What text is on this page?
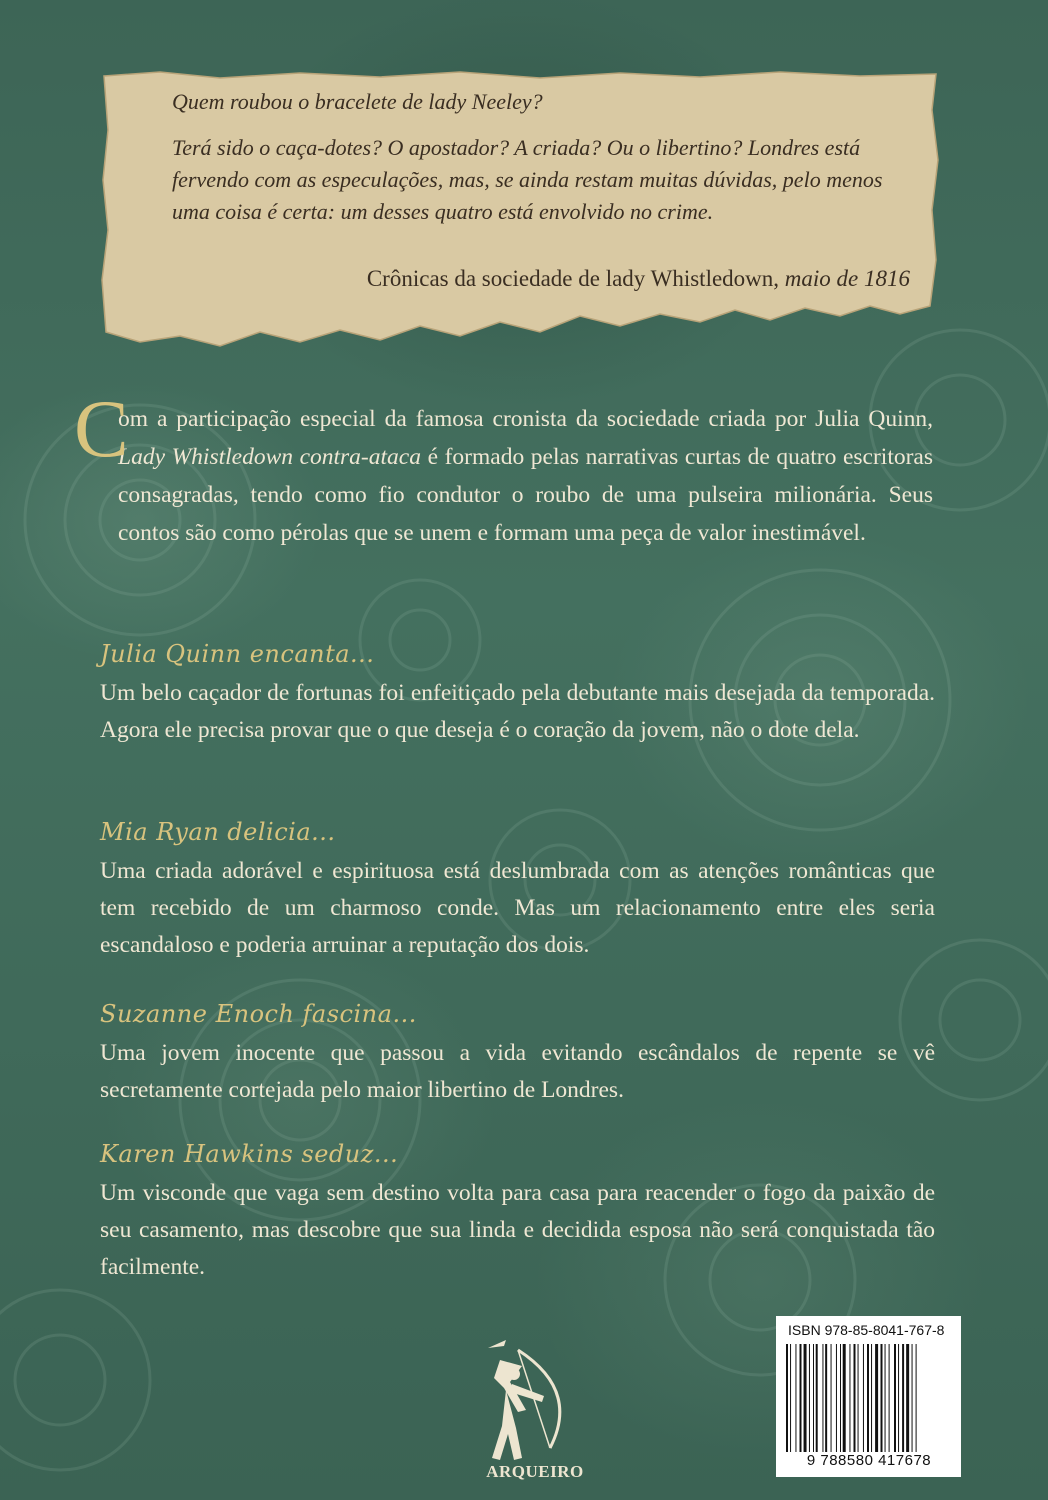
Quem roubou o bracelete de lady Neeley?
Terá sido o caça-dotes? O apostador? A criada? Ou o libertino? Londres está fervendo com as especulações, mas, se ainda restam muitas dúvidas, pelo menos uma coisa é certa: um desses quatro está envolvido no crime.
Crônicas da sociedade de lady Whistledown, maio de 1816
C
om a participação especial da famosa cronista da sociedade criada por Julia Quinn, Lady Whistledown contra-ataca é formado pelas narrativas curtas de quatro escritoras consagradas, tendo como fio condutor o roubo de uma pulseira milionária. Seus contos são como pérolas que se unem e formam uma peça de valor inestimável.
Julia Quinn encanta...
Um belo caçador de fortunas foi enfeitiçado pela debutante mais desejada da temporada. Agora ele precisa provar que o que deseja é o coração da jovem, não o dote dela.
Mia Ryan delicia...
Uma criada adorável e espirituosa está deslumbrada com as atenções românticas que tem recebido de um charmoso conde. Mas um relacionamento entre eles seria escandaloso e poderia arruinar a reputação dos dois.
Suzanne Enoch fascina...
Uma jovem inocente que passou a vida evitando escândalos de repente se vê secretamente cortejada pelo maior libertino de Londres.
Karen Hawkins seduz...
Um visconde que vaga sem destino volta para casa para reacender o fogo da paixão de seu casamento, mas descobre que sua linda e decidida esposa não será conquistada tão facilmente.
ARQUEIRO
ISBN 978-85-8041-767-8
9 788580 417678
